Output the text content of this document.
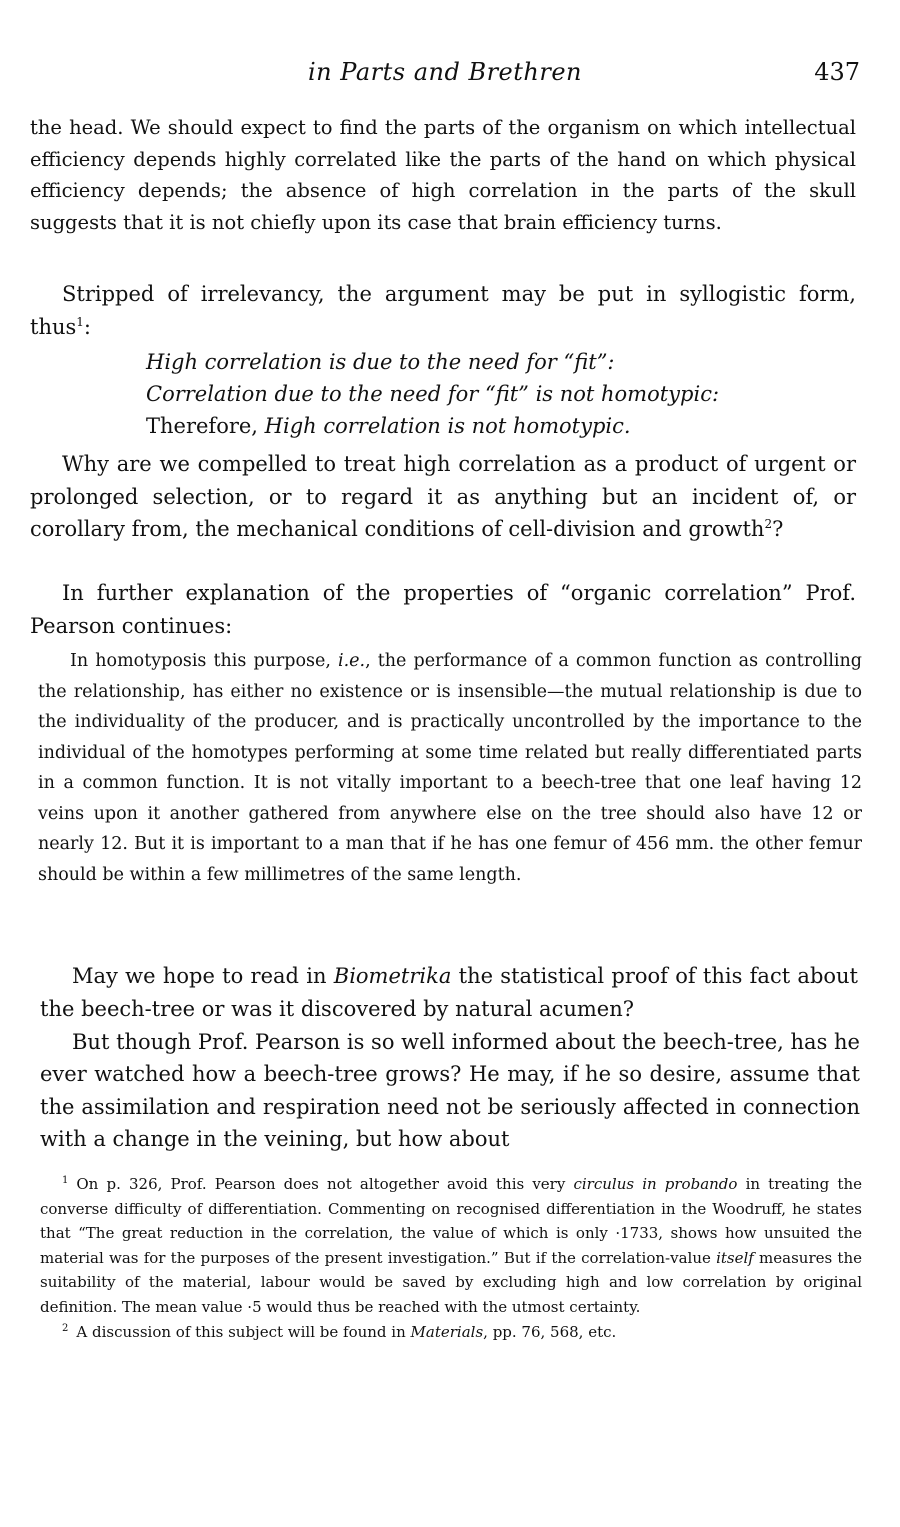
in Parts and Brethren	437

the head. We should expect to find the parts of the organism on which intellectual efficiency depends highly correlated like the parts of the hand on which physical efficiency depends; the absence of high correlation in the parts of the skull suggests that it is not chiefly upon its case that brain efficiency turns.

Stripped of irrelevancy, the argument may be put in syllogistic form, thus$^1$:

High correlation is due to the need for “fit”:
Correlation due to the need for “fit” is not homotypic:
Therefore, High correlation is not homotypic.

Why are we compelled to treat high correlation as a product of urgent or prolonged selection, or to regard it as anything but an incident of, or corollary from, the mechanical conditions of cell-division and growth$^2$?

In further explanation of the properties of “organic correlation” Prof. Pearson continues:

In homotyposis this purpose, i.e., the performance of a common function as controlling the relationship, has either no existence or is insensible—the mutual relationship is due to the individuality of the producer, and is practically uncontrolled by the importance to the individual of the homotypes performing at some time related but really differentiated parts in a common function. It is not vitally important to a beech-tree that one leaf having 12 veins upon it another gathered from anywhere else on the tree should also have 12 or nearly 12. But it is important to a man that if he has one femur of 456 mm. the other femur should be within a few millimetres of the same length.

May we hope to read in Biometrika the statistical proof of this fact about the beech-tree or was it discovered by natural acumen?

But though Prof. Pearson is so well informed about the beech-tree, has he ever watched how a beech-tree grows? He may, if he so desire, assume that the assimilation and respiration need not be seriously affected in connection with a change in the veining, but how about

$^1$ On p. 326, Prof. Pearson does not altogether avoid this very circulus in probando in treating the converse difficulty of differentiation. Commenting on recognised differentiation in the Woodruff, he states that “The great reduction in the correlation, the value of which is only ·1733, shows how unsuited the material was for the purposes of the present investigation.” But if the correlation-value itself measures the suitability of the material, labour would be saved by excluding high and low correlation by original definition. The mean value ·5 would thus be reached with the utmost certainty.

$^2$ A discussion of this subject will be found in Materials, pp. 76, 568, etc.
